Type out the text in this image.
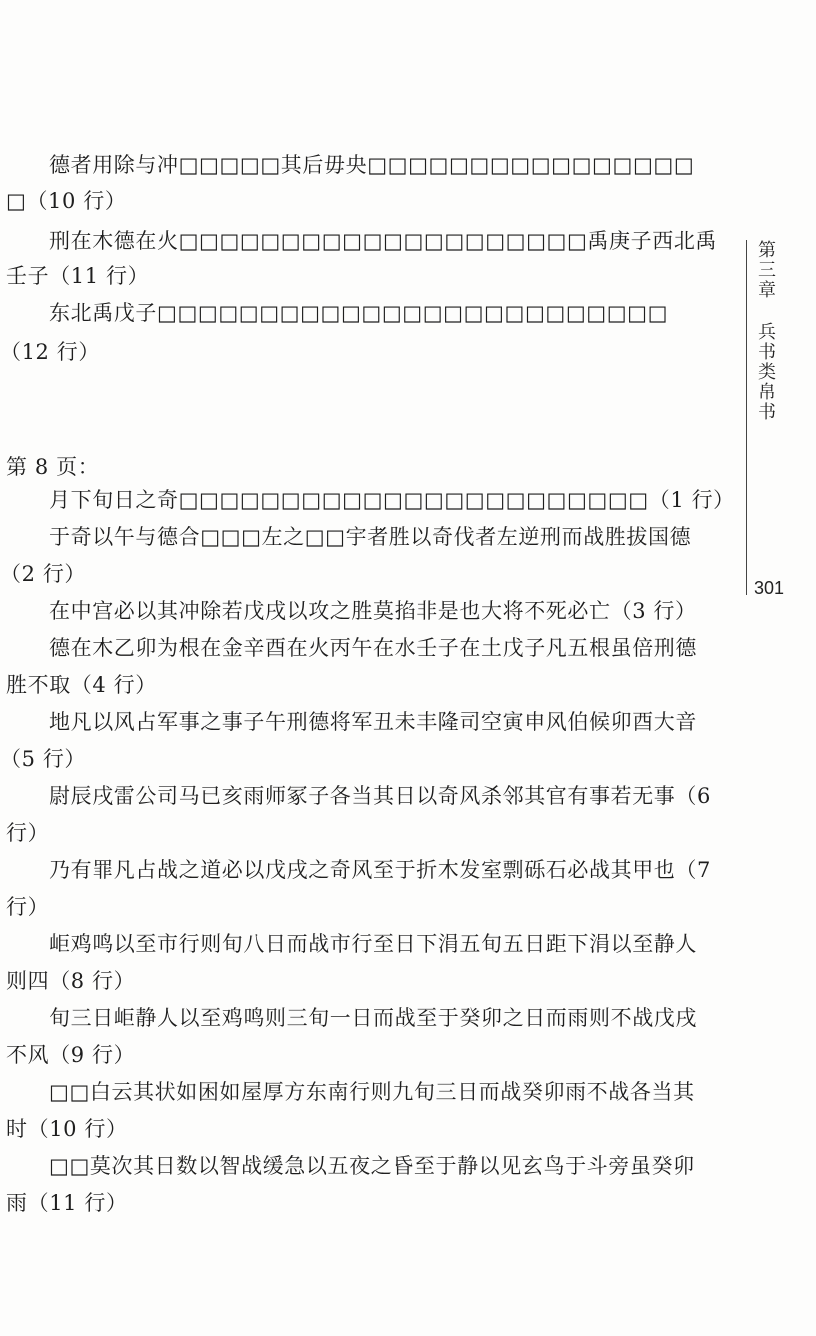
德者用除与冲□□□□□其后毋央□□□□□□□□□□□□□□□□
□（10 行）
刑在木德在火□□□□□□□□□□□□□□□□□□□□禹庚子西北禹
壬子（11 行）
东北禹戊子□□□□□□□□□□□□□□□□□□□□□□□□□
（12 行）
第 8 页：
月下旬日之奇□□□□□□□□□□□□□□□□□□□□□□□（1 行）
于奇以午与德合□□□左之□□宇者胜以奇伐者左逆刑而战胜拔国德
（2 行）
在中宫必以其冲除若戊戌以攻之胜莫掐非是也大将不死必亡（3 行）
德在木乙卯为根在金辛酉在火丙午在水壬子在土戊子凡五根虽倍刑德
胜不取（4 行）
地凡以风占军事之事子午刑德将军丑未丰隆司空寅申风伯候卯酉大音
（5 行）
尉辰戌雷公司马已亥雨师冢子各当其日以奇风杀邻其官有事若无事（6
行）
乃有罪凡占战之道必以戊戌之奇风至于折木发室剽砾石必战其甲也（7
行）
岠鸡鸣以至市行则旬八日而战市行至日下涓五旬五日距下涓以至静人
则四（8 行）
旬三日岠静人以至鸡鸣则三旬一日而战至于癸卯之日而雨则不战戊戌
不风（9 行）
□□白云其状如困如屋厚方东南行则九旬三日而战癸卯雨不战各当其
时（10 行）
□□莫次其日数以智战缓急以五夜之昏至于静以见玄鸟于斗旁虽癸卯
雨（11 行）
第三章 兵书类帛书
301
